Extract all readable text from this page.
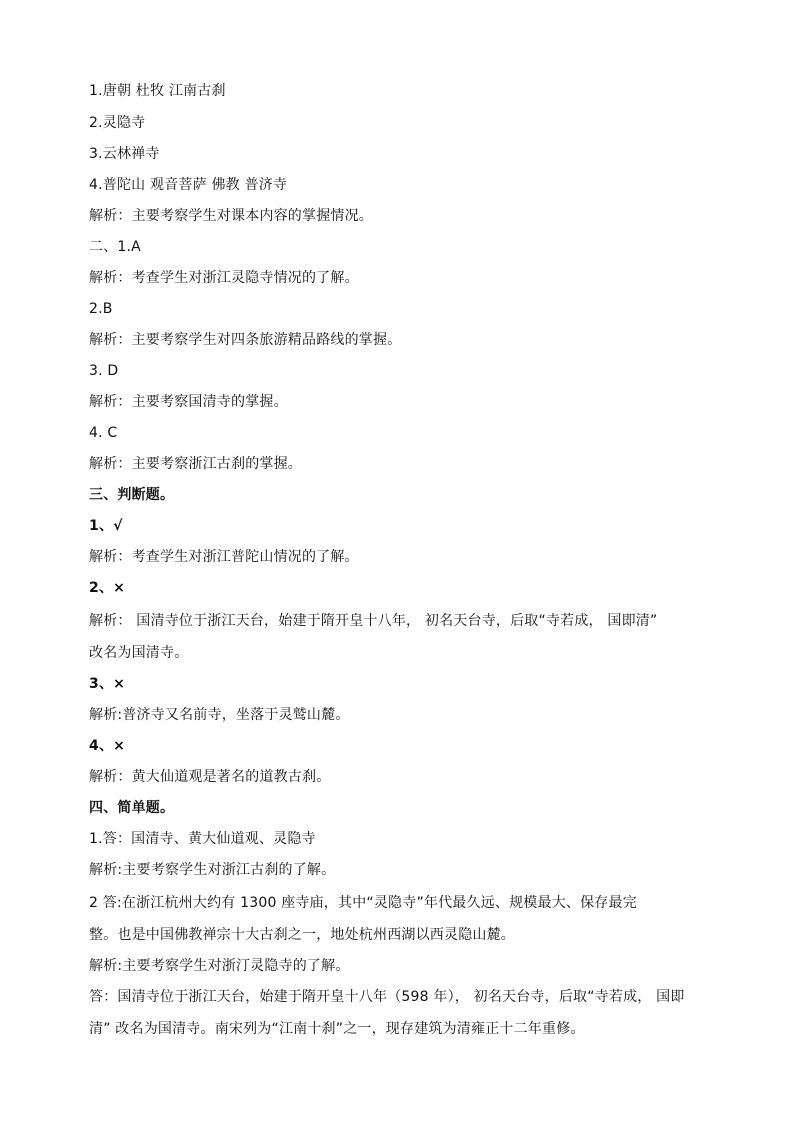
1.唐朝 杜牧 江南古刹
2.灵隐寺
3.云林禅寺
4.普陀山 观音菩萨 佛教 普济寺
解析：主要考察学生对课本内容的掌握情况。
二、1.A
解析：考查学生对浙江灵隐寺情况的了解。
2.B
解析：主要考察学生对四条旅游精品路线的掌握。
3. D
解析：主要考察国清寺的掌握。
4. C
解析：主要考察浙江古刹的掌握。
三、判断题。
1、√
解析：考查学生对浙江普陀山情况的了解。
2、×
解析： 国清寺位于浙江天台，始建于隋开皇十八年， 初名天台寺，后取“寺若成， 国即清”
改名为国清寺。
3、×
解析:普济寺又名前寺，坐落于灵鹫山麓。
4、×
解析：黄大仙道观是著名的道教古刹。
四、简单题。
1.答：国清寺、黄大仙道观、灵隐寺
解析:主要考察学生对浙江古刹的了解。
2 答:在浙江杭州大约有 1300 座寺庙，其中“灵隐寺”年代最久远、规模最大、保存最完
整。也是中国佛教禅宗十大古刹之一，地处杭州西湖以西灵隐山麓。
解析:主要考察学生对浙汀灵隐寺的了解。
答：国清寺位于浙江天台，始建于隋开皇十八年（598 年）， 初名天台寺，后取“寺若成， 国即
清” 改名为国清寺。南宋列为“江南十刹”之一，现存建筑为清雍正十二年重修。
